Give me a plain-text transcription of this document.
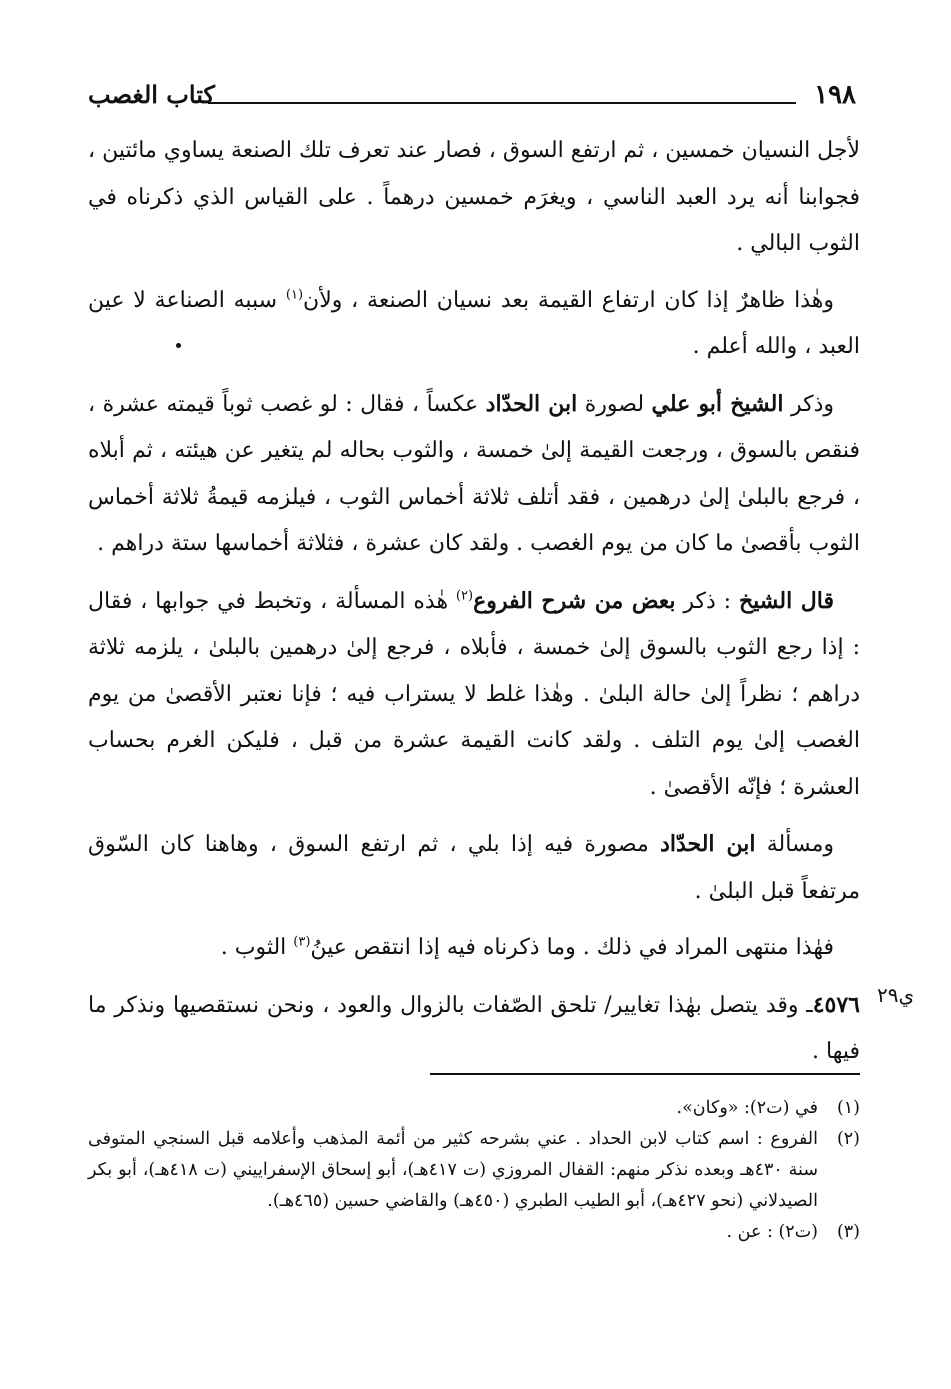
١٩٨
كتاب الغصب

لأجل النسيان خمسين ، ثم ارتفع السوق ، فصار عند تعرف تلك الصنعة يساوي مائتين ، فجوابنا أنه يرد العبد الناسي ، ويغرَم خمسين درهماً . على القياس الذي ذكرناه في الثوب البالي .

وهٰذا ظاهرٌ إذا كان ارتفاع القيمة بعد نسيان الصنعة ، ولأن$^{(١)}$ سببه الصناعة لا عين العبد ، والله أعلم .

وذكر الشيخ أبو علي لصورة ابن الحدّاد عكساً ، فقال : لو غصب ثوباً قيمته عشرة ، فنقص بالسوق ، ورجعت القيمة إلىٰ خمسة ، والثوب بحاله لم يتغير عن هيئته ، ثم أبلاه ، فرجع بالبلىٰ إلىٰ درهمين ، فقد أتلف ثلاثة أخماس الثوب ، فيلزمه قيمةُ ثلاثة أخماس الثوب بأقصىٰ ما كان من يوم الغصب . ولقد كان عشرة ، فثلاثة أخماسها ستة دراهم .

قال الشيخ : ذكر بعض من شرح الفروع$^{(٢)}$ هٰذه المسألة ، وتخبط في جوابها ، فقال : إذا رجع الثوب بالسوق إلىٰ خمسة ، فأبلاه ، فرجع إلىٰ درهمين بالبلىٰ ، يلزمه ثلاثة دراهم ؛ نظراً إلىٰ حالة البلىٰ . وهٰذا غلط لا يستراب فيه ؛ فإنا نعتبر الأقصىٰ من يوم الغصب إلىٰ يوم التلف . ولقد كانت القيمة عشرة من قبل ، فليكن الغرم بحساب العشرة ؛ فإنّه الأقصىٰ .

ومسألة ابن الحدّاد مصورة فيه إذا بلي ، ثم ارتفع السوق ، وهاهنا كان السّوق مرتفعاً قبل البلىٰ .

فهٰذا منتهى المراد في ذلك . وما ذكرناه فيه إذا انتقص عينُ$^{(٣)}$ الثوب .

٤٥٧٦ـ وقد يتصل بهٰذا تغايير/ تلحق الصّفات بالزوال والعود ، ونحن نستقصيها ونذكر ما فيها .

ي٢٩
(١)
في (ت٢): «وكان».
(٢)
الفروع : اسم كتاب لابن الحداد . عني بشرحه كثير من أئمة المذهب وأعلامه قبل السنجي المتوفى سنة ٤٣٠هـ وبعده نذكر منهم: القفال المروزي (ت ٤١٧هـ)، أبو إسحاق الإسفراييني (ت ٤١٨هـ)، أبو بكر الصيدلاني (نحو ٤٢٧هـ)، أبو الطيب الطبري (٤٥٠هـ) والقاضي حسين (٤٦٥هـ).
(٣)
(ت٢) : عن .
